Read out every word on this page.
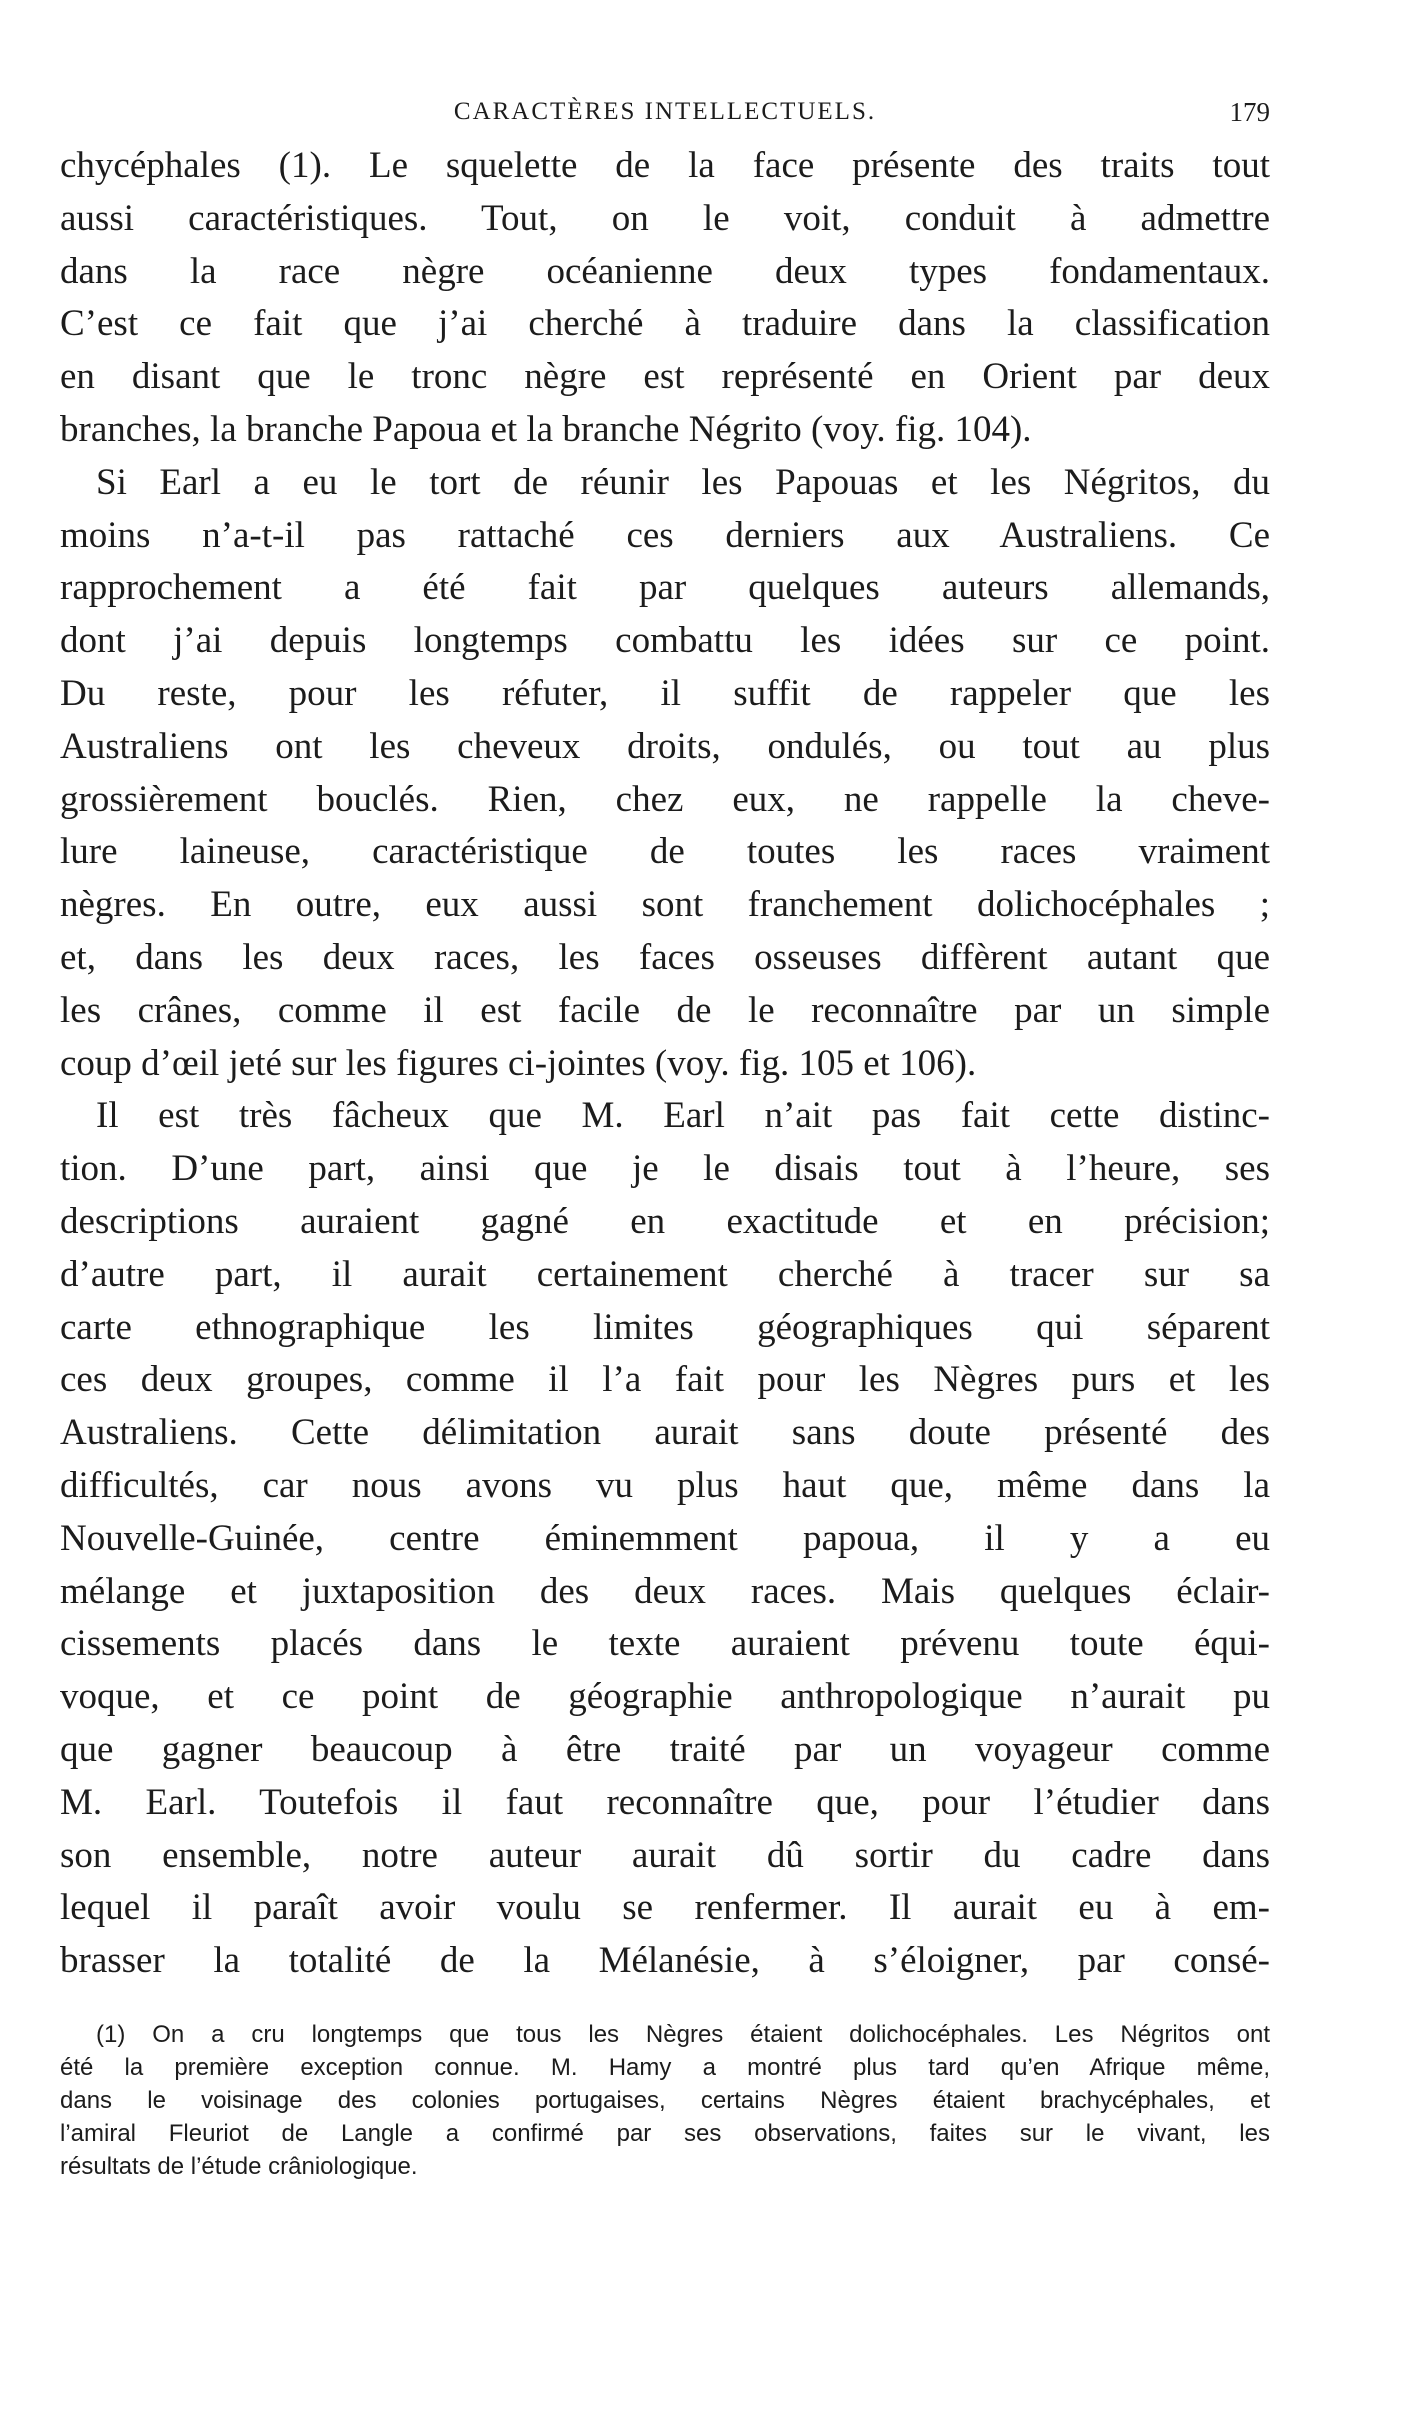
CARACTÈRES INTELLECTUELS.	179
chycéphales (1). Le squelette de la face présente des traits tout
aussi caractéristiques. Tout, on le voit, conduit à admettre
dans la race nègre océanienne deux types fondamentaux.
C’est ce fait que j’ai cherché à traduire dans la classification
en disant que le tronc nègre est représenté en Orient par deux
branches, la branche Papoua et la branche Négrito (voy. fig. 104).
Si Earl a eu le tort de réunir les Papouas et les Négritos, du
moins n’a-t-il pas rattaché ces derniers aux Australiens. Ce
rapprochement a été fait par quelques auteurs allemands,
dont j’ai depuis longtemps combattu les idées sur ce point.
Du reste, pour les réfuter, il suffit de rappeler que les
Australiens ont les cheveux droits, ondulés, ou tout au plus
grossièrement bouclés. Rien, chez eux, ne rappelle la cheve-
lure laineuse, caractéristique de toutes les races vraiment
nègres. En outre, eux aussi sont franchement dolichocéphales ;
et, dans les deux races, les faces osseuses diffèrent autant que
les crânes, comme il est facile de le reconnaître par un simple
coup d’œil jeté sur les figures ci-jointes (voy. fig. 105 et 106).
Il est très fâcheux que M. Earl n’ait pas fait cette distinc-
tion. D’une part, ainsi que je le disais tout à l’heure, ses
descriptions auraient gagné en exactitude et en précision;
d’autre part, il aurait certainement cherché à tracer sur sa
carte ethnographique les limites géographiques qui séparent
ces deux groupes, comme il l’a fait pour les Nègres purs et les
Australiens. Cette délimitation aurait sans doute présenté des
difficultés, car nous avons vu plus haut que, même dans la
Nouvelle-Guinée, centre éminemment papoua, il y a eu
mélange et juxtaposition des deux races. Mais quelques éclair-
cissements placés dans le texte auraient prévenu toute équi-
voque, et ce point de géographie anthropologique n’aurait pu
que gagner beaucoup à être traité par un voyageur comme
M. Earl. Toutefois il faut reconnaître que, pour l’étudier dans
son ensemble, notre auteur aurait dû sortir du cadre dans
lequel il paraît avoir voulu se renfermer. Il aurait eu à em-
brasser la totalité de la Mélanésie, à s’éloigner, par consé-
(1) On a cru longtemps que tous les Nègres étaient dolichocéphales. Les Négritos ont
été la première exception connue. M. Hamy a montré plus tard qu’en Afrique même,
dans le voisinage des colonies portugaises, certains Nègres étaient brachycéphales, et
l’amiral Fleuriot de Langle a confirmé par ses observations, faites sur le vivant, les
résultats de l’étude crâniologique.
